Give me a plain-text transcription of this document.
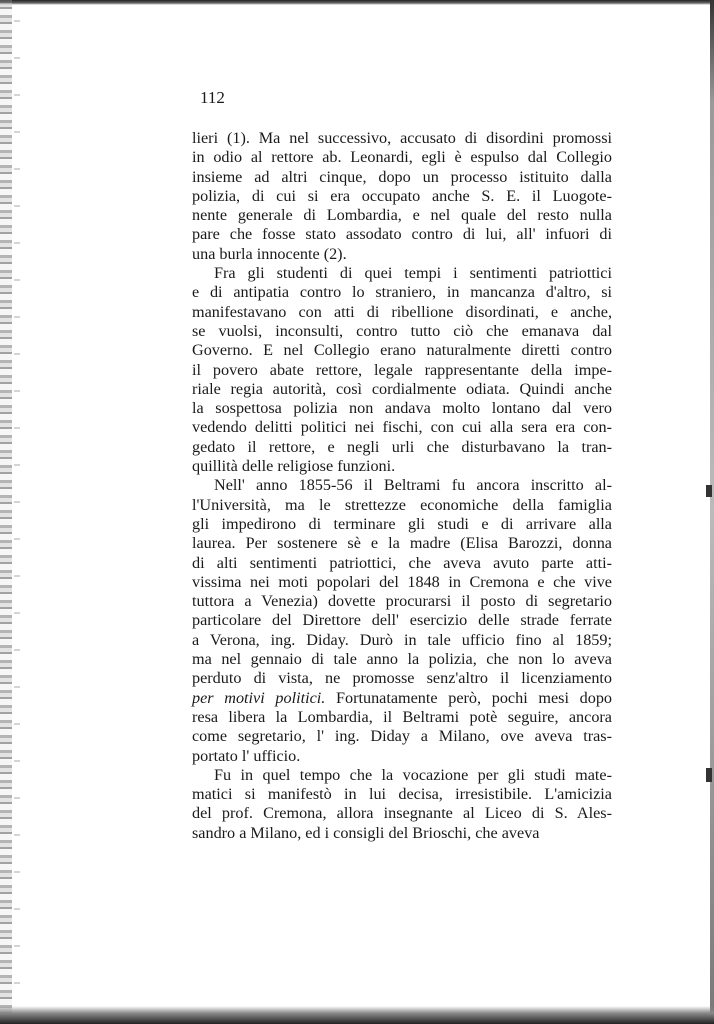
112
lieri (1). Ma nel successivo, accusato di disordini promossi
in odio al rettore ab. Leonardi, egli è espulso dal Collegio
insieme ad altri cinque, dopo un processo istituito dalla
polizia, di cui si era occupato anche S. E. il Luogote-
nente generale di Lombardia, e nel quale del resto nulla
pare che fosse stato assodato contro di lui, all' infuori di
una burla innocente (2).
Fra gli studenti di quei tempi i sentimenti patriottici
e di antipatia contro lo straniero, in mancanza d'altro, si
manifestavano con atti di ribellione disordinati, e anche,
se vuolsi, inconsulti, contro tutto ciò che emanava dal
Governo. E nel Collegio erano naturalmente diretti contro
il povero abate rettore, legale rappresentante della impe-
riale regia autorità, così cordialmente odiata. Quindi anche
la sospettosa polizia non andava molto lontano dal vero
vedendo delitti politici nei fischi, con cui alla sera era con-
gedato il rettore, e negli urli che disturbavano la tran-
quillità delle religiose funzioni.
Nell' anno 1855-56 il Beltrami fu ancora inscritto al-
l'Università, ma le strettezze economiche della famiglia
gli impedirono di terminare gli studi e di arrivare alla
laurea. Per sostenere sè e la madre (Elisa Barozzi, donna
di alti sentimenti patriottici, che aveva avuto parte atti-
vissima nei moti popolari del 1848 in Cremona e che vive
tuttora a Venezia) dovette procurarsi il posto di segretario
particolare del Direttore dell' esercizio delle strade ferrate
a Verona, ing. Diday. Durò in tale ufficio fino al 1859;
ma nel gennaio di tale anno la polizia, che non lo aveva
perduto di vista, ne promosse senz'altro il licenziamento
per motivi politici. Fortunatamente però, pochi mesi dopo
resa libera la Lombardia, il Beltrami potè seguire, ancora
come segretario, l' ing. Diday a Milano, ove aveva tras-
portato l' ufficio.
Fu in quel tempo che la vocazione per gli studi mate-
matici si manifestò in lui decisa, irresistibile. L'amicizia
del prof. Cremona, allora insegnante al Liceo di S. Ales-
sandro a Milano, ed i consigli del Brioschi, che aveva
